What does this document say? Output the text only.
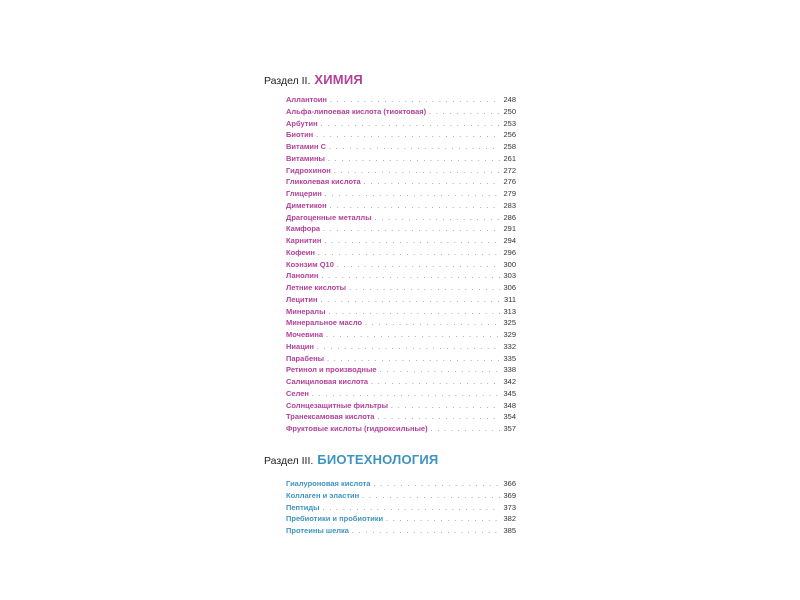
Раздел II. ХИМИЯ
Аллантоин . . .	248
Альфа-липоевая кислота (тиоктовая) . . .	250
Арбутин . . .	253
Биотин . . .	256
Витамин С . . .	258
Витамины . . .	261
Гидрохинон . . .	272
Гликолевая кислота . . .	276
Глицерин . . .	279
Диметикон . . .	283
Драгоценные металлы . . .	286
Камфора . . .	291
Карнитин . . .	294
Кофеин . . .	296
Коэнзим Q10 . . .	300
Ланолин . . .	303
Летние кислоты . . .	306
Лецитин . . .	311
Минералы . . .	313
Минеральное масло . . .	325
Мочевина . . .	329
Ниацин . . .	332
Парабены . . .	335
Ретинол и производные . . .	338
Салициловая кислота . . .	342
Селен . . .	345
Солнцезащитные фильтры . . .	348
Транексамовая кислота . . .	354
Фруктовые кислоты (гидроксильные) . . .	357
Раздел III. БИОТЕХНОЛОГИЯ
Гиалуроновая кислота . . .	366
Коллаген и эластин . . .	369
Пептиды . . .	373
Пребиотики и пробиотики . . .	382
Протеины шелка . . .	385
